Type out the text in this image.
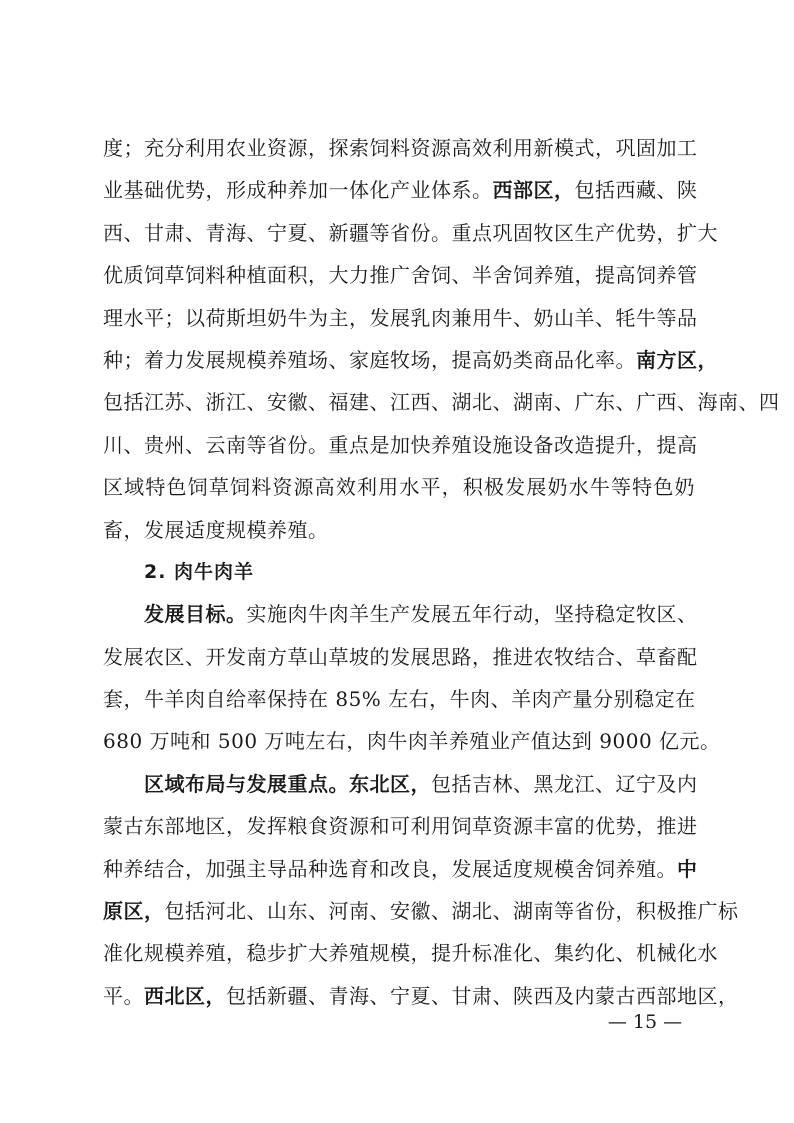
度；充分利用农业资源，探索饲料资源高效利用新模式，巩固加工
业基础优势，形成种养加一体化产业体系。西部区，包括西藏、陕
西、甘肃、青海、宁夏、新疆等省份。重点巩固牧区生产优势，扩大
优质饲草饲料种植面积，大力推广舍饲、半舍饲养殖，提高饲养管
理水平；以荷斯坦奶牛为主，发展乳肉兼用牛、奶山羊、牦牛等品
种；着力发展规模养殖场、家庭牧场，提高奶类商品化率。南方区，
包括江苏、浙江、安徽、福建、江西、湖北、湖南、广东、广西、海南、四
川、贵州、云南等省份。重点是加快养殖设施设备改造提升，提高
区域特色饲草饲料资源高效利用水平，积极发展奶水牛等特色奶
畜，发展适度规模养殖。
2. 肉牛肉羊
发展目标。实施肉牛肉羊生产发展五年行动，坚持稳定牧区、
发展农区、开发南方草山草坡的发展思路，推进农牧结合、草畜配
套，牛羊肉自给率保持在 85% 左右，牛肉、羊肉产量分别稳定在
680 万吨和 500 万吨左右，肉牛肉羊养殖业产值达到 9000 亿元。
区域布局与发展重点。东北区，包括吉林、黑龙江、辽宁及内
蒙古东部地区，发挥粮食资源和可利用饲草资源丰富的优势，推进
种养结合，加强主导品种选育和改良，发展适度规模舍饲养殖。中
原区，包括河北、山东、河南、安徽、湖北、湖南等省份，积极推广标
准化规模养殖，稳步扩大养殖规模，提升标准化、集约化、机械化水
平。西北区，包括新疆、青海、宁夏、甘肃、陕西及内蒙古西部地区，
— 15 —
